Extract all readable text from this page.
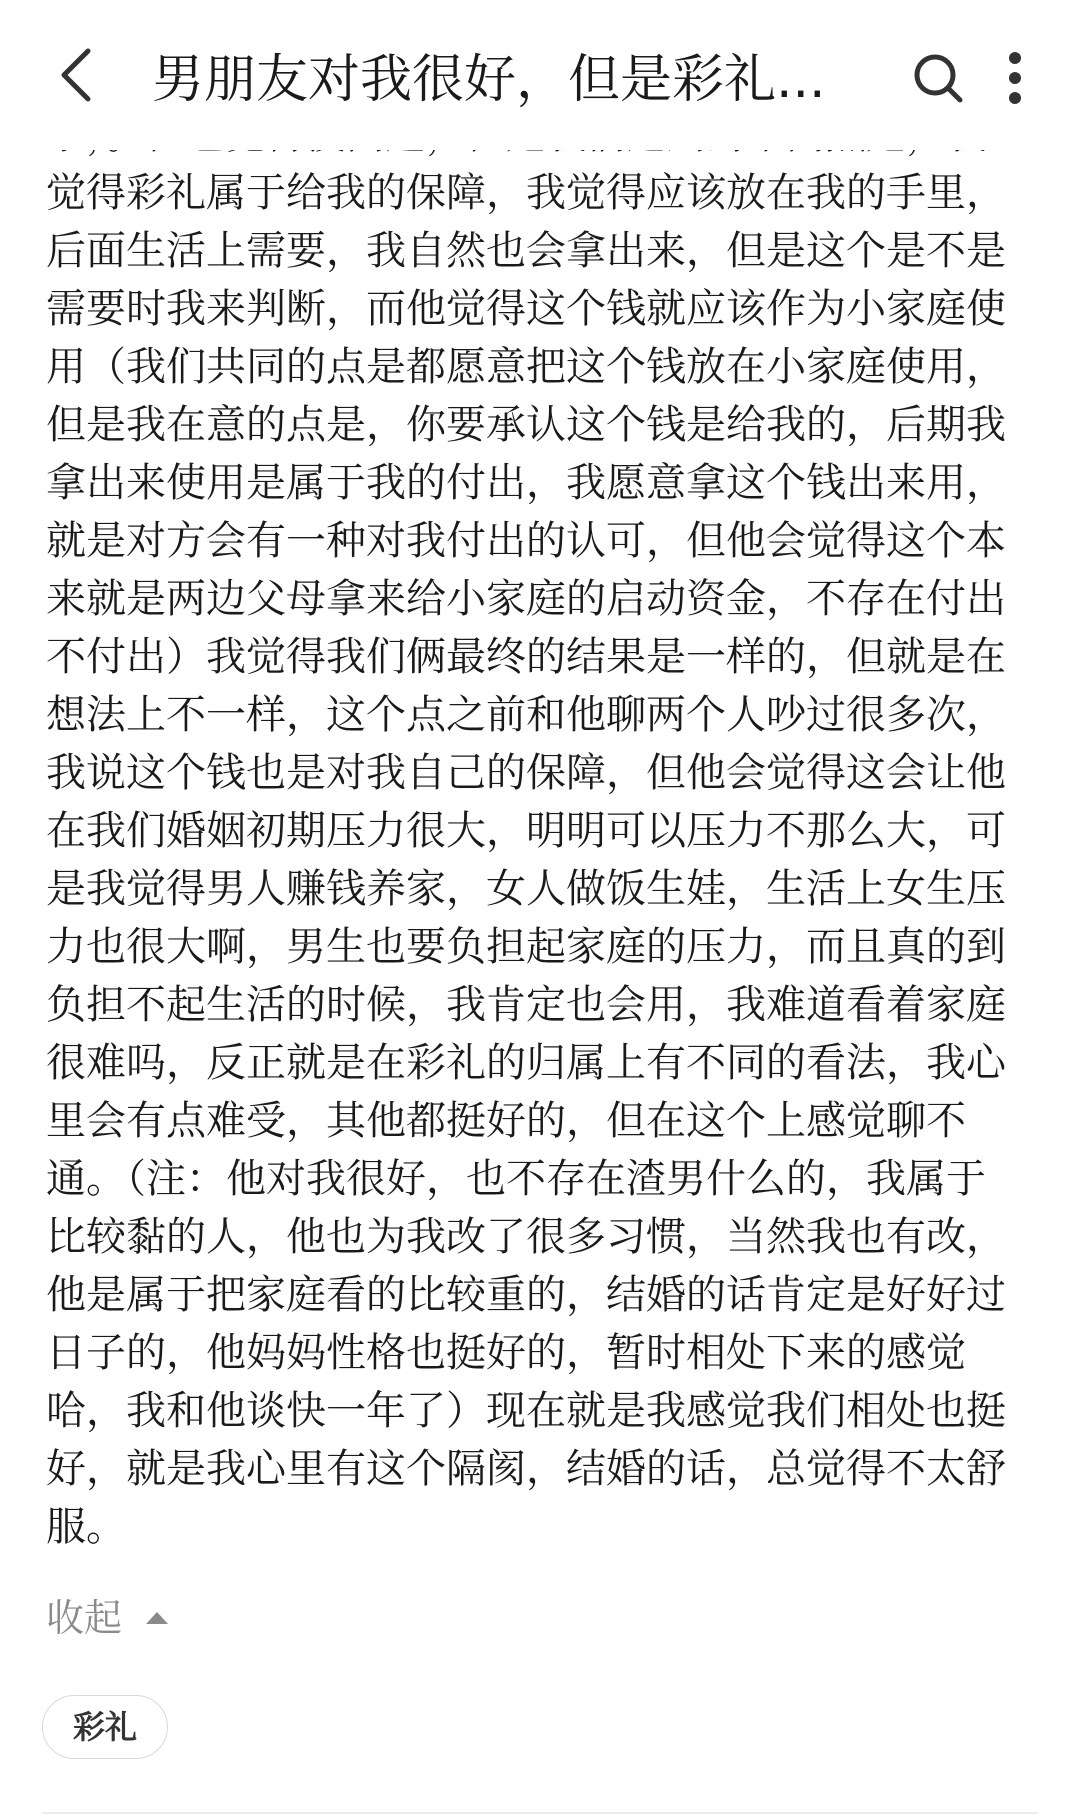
男朋友对我很好，但是彩礼...

觉得彩礼属于给我的保障，我觉得应该放在我的手里，

后面生活上需要，我自然也会拿出来，但是这个是不是

需要时我来判断，而他觉得这个钱就应该作为小家庭使

用（我们共同的点是都愿意把这个钱放在小家庭使用，

但是我在意的点是，你要承认这个钱是给我的，后期我

拿出来使用是属于我的付出，我愿意拿这个钱出来用，

就是对方会有一种对我付出的认可，但他会觉得这个本

来就是两边父母拿来给小家庭的启动资金，不存在付出

不付出）我觉得我们俩最终的结果是一样的，但就是在

想法上不一样，这个点之前和他聊两个人吵过很多次，

我说这个钱也是对我自己的保障，但他会觉得这会让他

在我们婚姻初期压力很大，明明可以压力不那么大，可

是我觉得男人赚钱养家，女人做饭生娃，生活上女生压

力也很大啊，男生也要负担起家庭的压力，而且真的到

负担不起生活的时候，我肯定也会用，我难道看着家庭

很难吗，反正就是在彩礼的归属上有不同的看法，我心

里会有点难受，其他都挺好的，但在这个上感觉聊不

通。（注：他对我很好，也不存在渣男什么的，我属于

比较黏的人，他也为我改了很多习惯，当然我也有改，

他是属于把家庭看的比较重的，结婚的话肯定是好好过

日子的，他妈妈性格也挺好的，暂时相处下来的感觉

哈，我和他谈快一年了）现在就是我感觉我们相处也挺

好，就是我心里有这个隔阂，结婚的话，总觉得不太舒

服。

收起
彩礼
